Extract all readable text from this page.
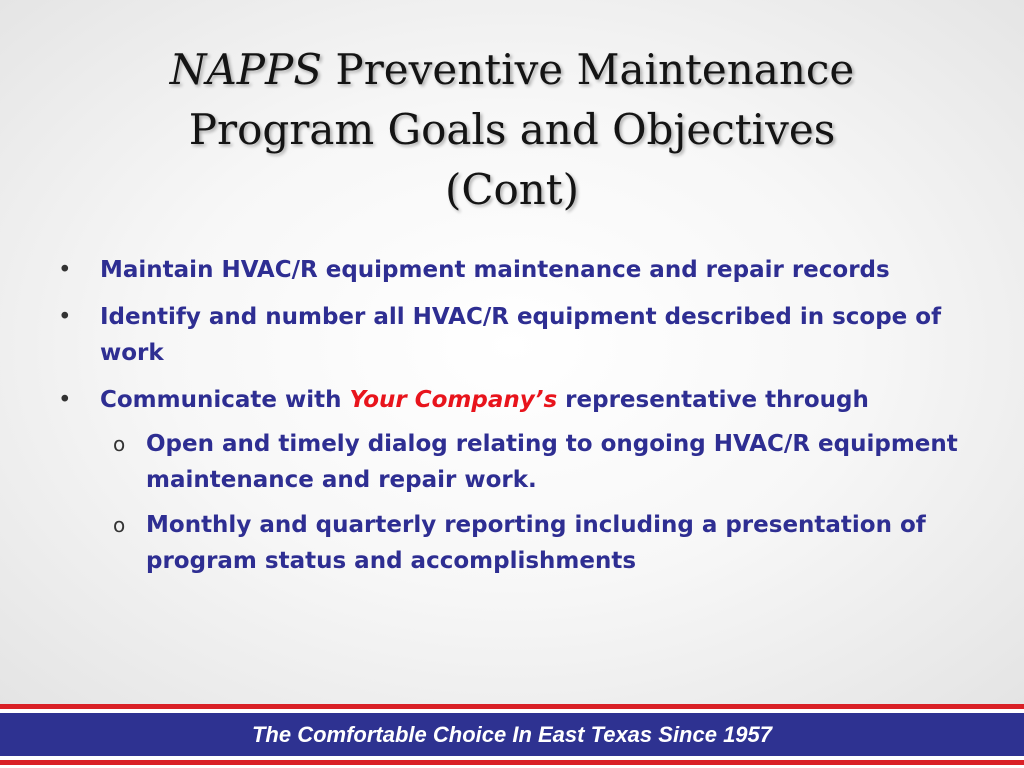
NAPPS Preventive Maintenance
Program Goals and Objectives
(Cont)
• Maintain HVAC/R equipment maintenance and repair records
• Identify and number all HVAC/R equipment described in scope of work
• Communicate with Your Company’s representative through
o Open and timely dialog relating to ongoing HVAC/R equipment maintenance and repair work.
o Monthly and quarterly reporting including a presentation of program status and accomplishments
The Comfortable Choice In East Texas Since 1957
